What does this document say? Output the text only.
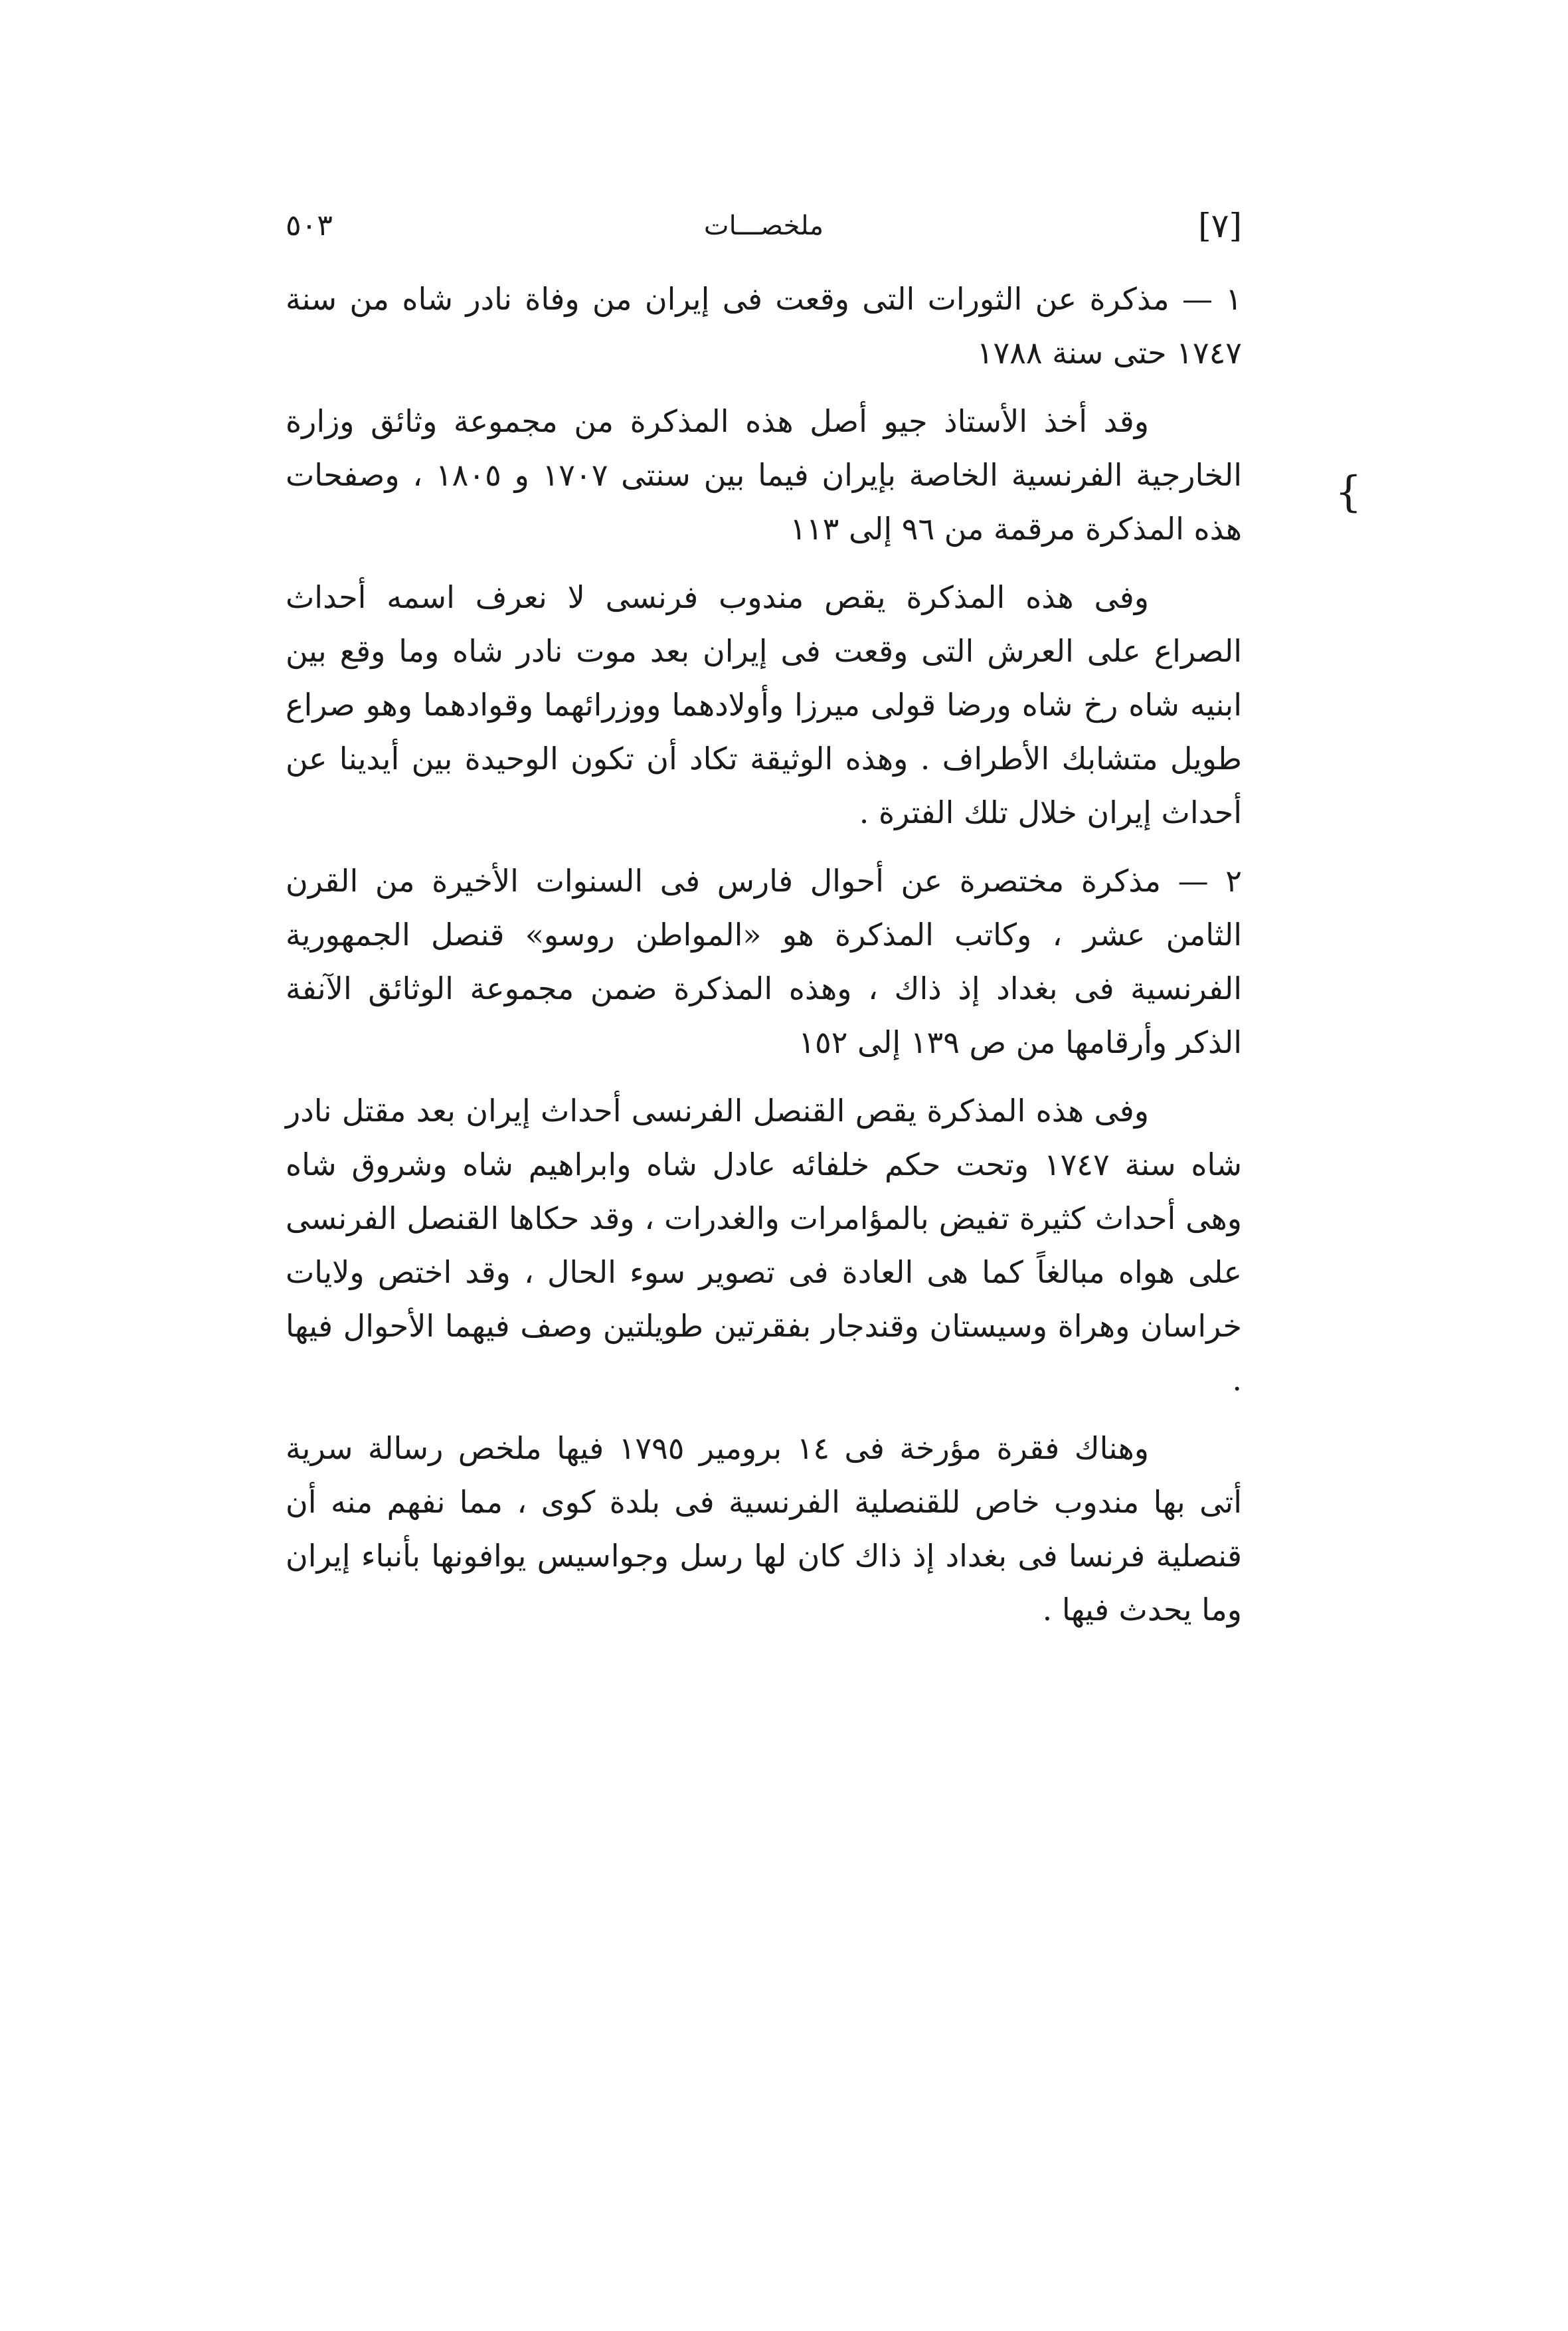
[٧]
ملخصـــات
٥٠٣
{

١ — مذكرة عن الثورات التى وقعت فى إيران من وفاة نادر شاه من سنة ١٧٤٧ حتى سنة ١٧٨٨

وقد أخذ الأستاذ جيو أصل هذه المذكرة من مجموعة وثائق وزارة الخارجية الفرنسية الخاصة بإيران فيما بين سنتى ١٧٠٧ و ١٨٠٥ ، وصفحات هذه المذكرة مرقمة من ٩٦ إلى ١١٣

وفى هذه المذكرة يقص مندوب فرنسى لا نعرف اسمه أحداث الصراع على العرش التى وقعت فى إيران بعد موت نادر شاه وما وقع بين ابنيه شاه رخ شاه ورضا قولى ميرزا وأولادهما ووزرائهما وقوادهما وهو صراع طويل متشابك الأطراف . وهذه الوثيقة تكاد أن تكون الوحيدة بين أيدينا عن أحداث إيران خلال تلك الفترة .

٢ — مذكرة مختصرة عن أحوال فارس فى السنوات الأخيرة من القرن الثامن عشر ، وكاتب المذكرة هو «المواطن روسو» قنصل الجمهورية الفرنسية فى بغداد إذ ذاك ، وهذه المذكرة ضمن مجموعة الوثائق الآنفة الذكر وأرقامها من ص ١٣٩ إلى ١٥٢

وفى هذه المذكرة يقص القنصل الفرنسى أحداث إيران بعد مقتل نادر شاه سنة ١٧٤٧ وتحت حكم خلفائه عادل شاه وابراهيم شاه وشروق شاه وهى أحداث كثيرة تفيض بالمؤامرات والغدرات ، وقد حكاها القنصل الفرنسى على هواه مبالغاً كما هى العادة فى تصوير سوء الحال ، وقد اختص ولايات خراسان وهراة وسيستان وقندجار بفقرتين طويلتين وصف فيهما الأحوال فيها .

وهناك فقرة مؤرخة فى ١٤ برومير ١٧٩٥ فيها ملخص رسالة سرية أتى بها مندوب خاص للقنصلية الفرنسية فى بلدة كوى ، مما نفهم منه أن قنصلية فرنسا فى بغداد إذ ذاك كان لها رسل وجواسيس يوافونها بأنباء إيران وما يحدث فيها .
